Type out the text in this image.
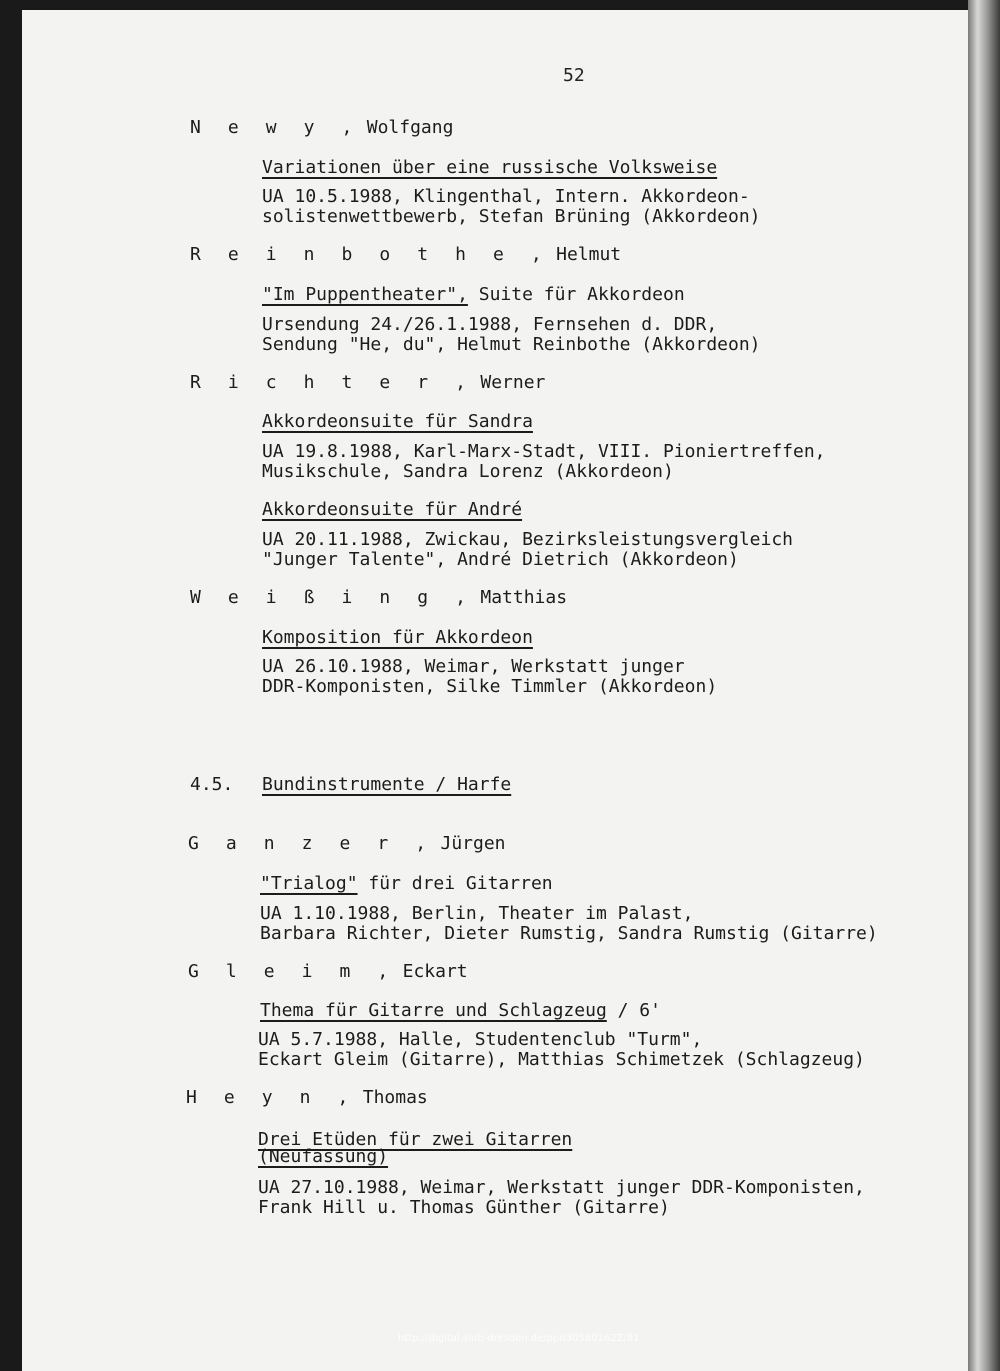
52
N e w y , Wolfgang
Variationen über eine russische Volksweise
UA 10.5.1988, Klingenthal, Intern. Akkordeon-
solistenwettbewerb, Stefan Brüning (Akkordeon)
R e i n b o t h e , Helmut
"Im Puppentheater", Suite für Akkordeon
Ursendung 24./26.1.1988, Fernsehen d. DDR,
Sendung "He, du", Helmut Reinbothe (Akkordeon)
R i c h t e r , Werner
Akkordeonsuite für Sandra
UA 19.8.1988, Karl-Marx-Stadt, VIII. Pioniertreffen,
Musikschule, Sandra Lorenz (Akkordeon)
Akkordeonsuite für André
UA 20.11.1988, Zwickau, Bezirksleistungsvergleich
"Junger Talente", André Dietrich (Akkordeon)
W e i ß i n g , Matthias
Komposition für Akkordeon
UA 26.10.1988, Weimar, Werkstatt junger
DDR-Komponisten, Silke Timmler (Akkordeon)
4.5. Bundinstrumente / Harfe
G a n z e r , Jürgen
"Trialog" für drei Gitarren
UA 1.10.1988, Berlin, Theater im Palast,
Barbara Richter, Dieter Rumstig, Sandra Rumstig (Gitarre)
G l e i m , Eckart
Thema für Gitarre und Schlagzeug / 6'
UA 5.7.1988, Halle, Studentenclub "Turm",
Eckart Gleim (Gitarre), Matthias Schimetzek (Schlagzeug)
H e y n , Thomas
Drei Etüden für zwei Gitarren
(Neufassung)
UA 27.10.1988, Weimar, Werkstatt junger DDR-Komponisten,
Frank Hill u. Thomas Günther (Gitarre)
http://digital.slub-dresden.de/ppn30580162Z/81
